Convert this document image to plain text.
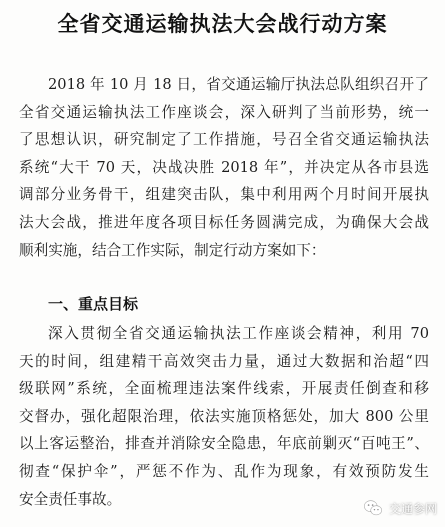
全省交通运输执法大会战行动方案
2018 年 10 月 18 日，省交通运输厅执法总队组织召开了
全省交通运输执法工作座谈会，深入研判了当前形势，统一
了思想认识，研究制定了工作措施，号召全省交通运输执法
系统“大干 70 天，决战决胜 2018 年”，并决定从各市县选
调部分业务骨干，组建突击队，集中利用两个月时间开展执
法大会战，推进年度各项目标任务圆满完成，为确保大会战
顺利实施，结合工作实际，制定行动方案如下：
一、重点目标
深入贯彻全省交通运输执法工作座谈会精神，利用 70
天的时间，组建精干高效突击力量，通过大数据和治超“四
级联网”系统，全面梳理违法案件线索，开展责任倒查和移
交督办，强化超限治理，依法实施顶格惩处，加大 800 公里
以上客运整治，排查并消除安全隐患，年底前剿灭“百吨王”、
彻查“保护伞”，严惩不作为、乱作为现象，有效预防发生
安全责任事故。
交通参网
